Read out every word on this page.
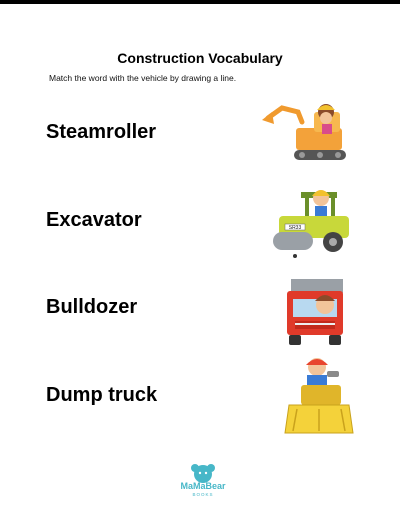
Construction Vocabulary
Match the word with the vehicle by drawing a line.
Steamroller
Excavator
Bulldozer
Dump truck
SR33
MaMaBear
BOOKS
